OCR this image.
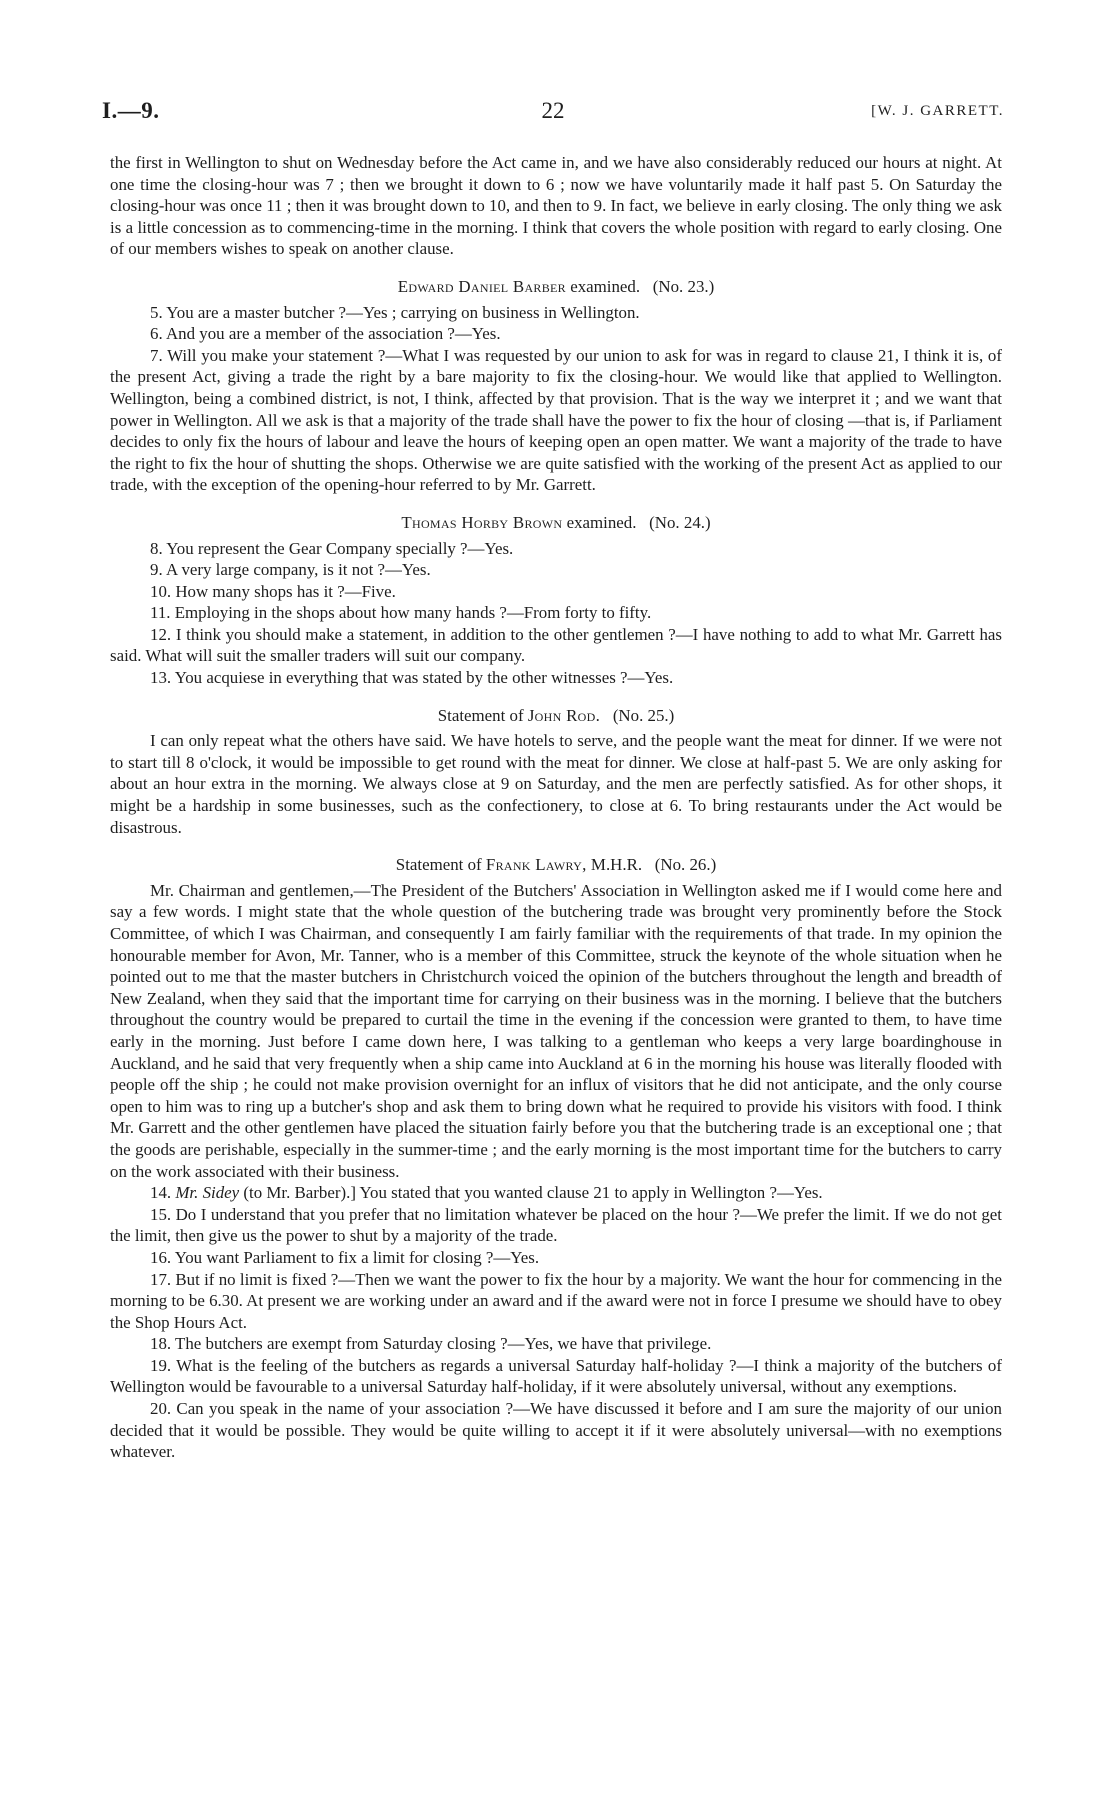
I.—9.	22	[W. J. GARRETT.

the first in Wellington to shut on Wednesday before the Act came in, and we have also considerably reduced our hours at night. At one time the closing-hour was 7 ; then we brought it down to 6 ; now we have voluntarily made it half past 5. On Saturday the closing-hour was once 11 ; then it was brought down to 10, and then to 9. In fact, we believe in early closing. The only thing we ask is a little concession as to commencing-time in the morning. I think that covers the whole position with regard to early closing. One of our members wishes to speak on another clause.

Edward Daniel Barber examined. (No. 23.)

5. You are a master butcher ?—Yes ; carrying on business in Wellington.

6. And you are a member of the association ?—Yes.

7. Will you make your statement ?—What I was requested by our union to ask for was in regard to clause 21, I think it is, of the present Act, giving a trade the right by a bare majority to fix the closing-hour. We would like that applied to Wellington. Wellington, being a combined district, is not, I think, affected by that provision. That is the way we interpret it ; and we want that power in Wellington. All we ask is that a majority of the trade shall have the power to fix the hour of closing —that is, if Parliament decides to only fix the hours of labour and leave the hours of keeping open an open matter. We want a majority of the trade to have the right to fix the hour of shutting the shops. Otherwise we are quite satisfied with the working of the present Act as applied to our trade, with the exception of the opening-hour referred to by Mr. Garrett.

Thomas Horby Brown examined. (No. 24.)

8. You represent the Gear Company specially ?—Yes.

9. A very large company, is it not ?—Yes.

10. How many shops has it ?—Five.

11. Employing in the shops about how many hands ?—From forty to fifty.

12. I think you should make a statement, in addition to the other gentlemen ?—I have nothing to add to what Mr. Garrett has said. What will suit the smaller traders will suit our company.

13. You acquiese in everything that was stated by the other witnesses ?—Yes.

Statement of John Rod. (No. 25.)

I can only repeat what the others have said. We have hotels to serve, and the people want the meat for dinner. If we were not to start till 8 o'clock, it would be impossible to get round with the meat for dinner. We close at half-past 5. We are only asking for about an hour extra in the morning. We always close at 9 on Saturday, and the men are perfectly satisfied. As for other shops, it might be a hardship in some businesses, such as the confectionery, to close at 6. To bring restaurants under the Act would be disastrous.

Statement of Frank Lawry, M.H.R. (No. 26.)

Mr. Chairman and gentlemen,—The President of the Butchers' Association in Wellington asked me if I would come here and say a few words. I might state that the whole question of the butchering trade was brought very prominently before the Stock Committee, of which I was Chairman, and consequently I am fairly familiar with the requirements of that trade. In my opinion the honourable member for Avon, Mr. Tanner, who is a member of this Committee, struck the keynote of the whole situation when he pointed out to me that the master butchers in Christchurch voiced the opinion of the butchers throughout the length and breadth of New Zealand, when they said that the important time for carrying on their business was in the morning. I believe that the butchers throughout the country would be prepared to curtail the time in the evening if the concession were granted to them, to have time early in the morning. Just before I came down here, I was talking to a gentleman who keeps a very large boardinghouse in Auckland, and he said that very frequently when a ship came into Auckland at 6 in the morning his house was literally flooded with people off the ship ; he could not make provision overnight for an influx of visitors that he did not anticipate, and the only course open to him was to ring up a butcher's shop and ask them to bring down what he required to provide his visitors with food. I think Mr. Garrett and the other gentlemen have placed the situation fairly before you that the butchering trade is an exceptional one ; that the goods are perishable, especially in the summer-time ; and the early morning is the most important time for the butchers to carry on the work associated with their business.

14. Mr. Sidey (to Mr. Barber).] You stated that you wanted clause 21 to apply in Wellington ?—Yes.

15. Do I understand that you prefer that no limitation whatever be placed on the hour ?—We prefer the limit. If we do not get the limit, then give us the power to shut by a majority of the trade.

16. You want Parliament to fix a limit for closing ?—Yes.

17. But if no limit is fixed ?—Then we want the power to fix the hour by a majority. We want the hour for commencing in the morning to be 6.30. At present we are working under an award and if the award were not in force I presume we should have to obey the Shop Hours Act.

18. The butchers are exempt from Saturday closing ?—Yes, we have that privilege.

19. What is the feeling of the butchers as regards a universal Saturday half-holiday ?—I think a majority of the butchers of Wellington would be favourable to a universal Saturday half-holiday, if it were absolutely universal, without any exemptions.

20. Can you speak in the name of your association ?—We have discussed it before and I am sure the majority of our union decided that it would be possible. They would be quite willing to accept it if it were absolutely universal—with no exemptions whatever.
